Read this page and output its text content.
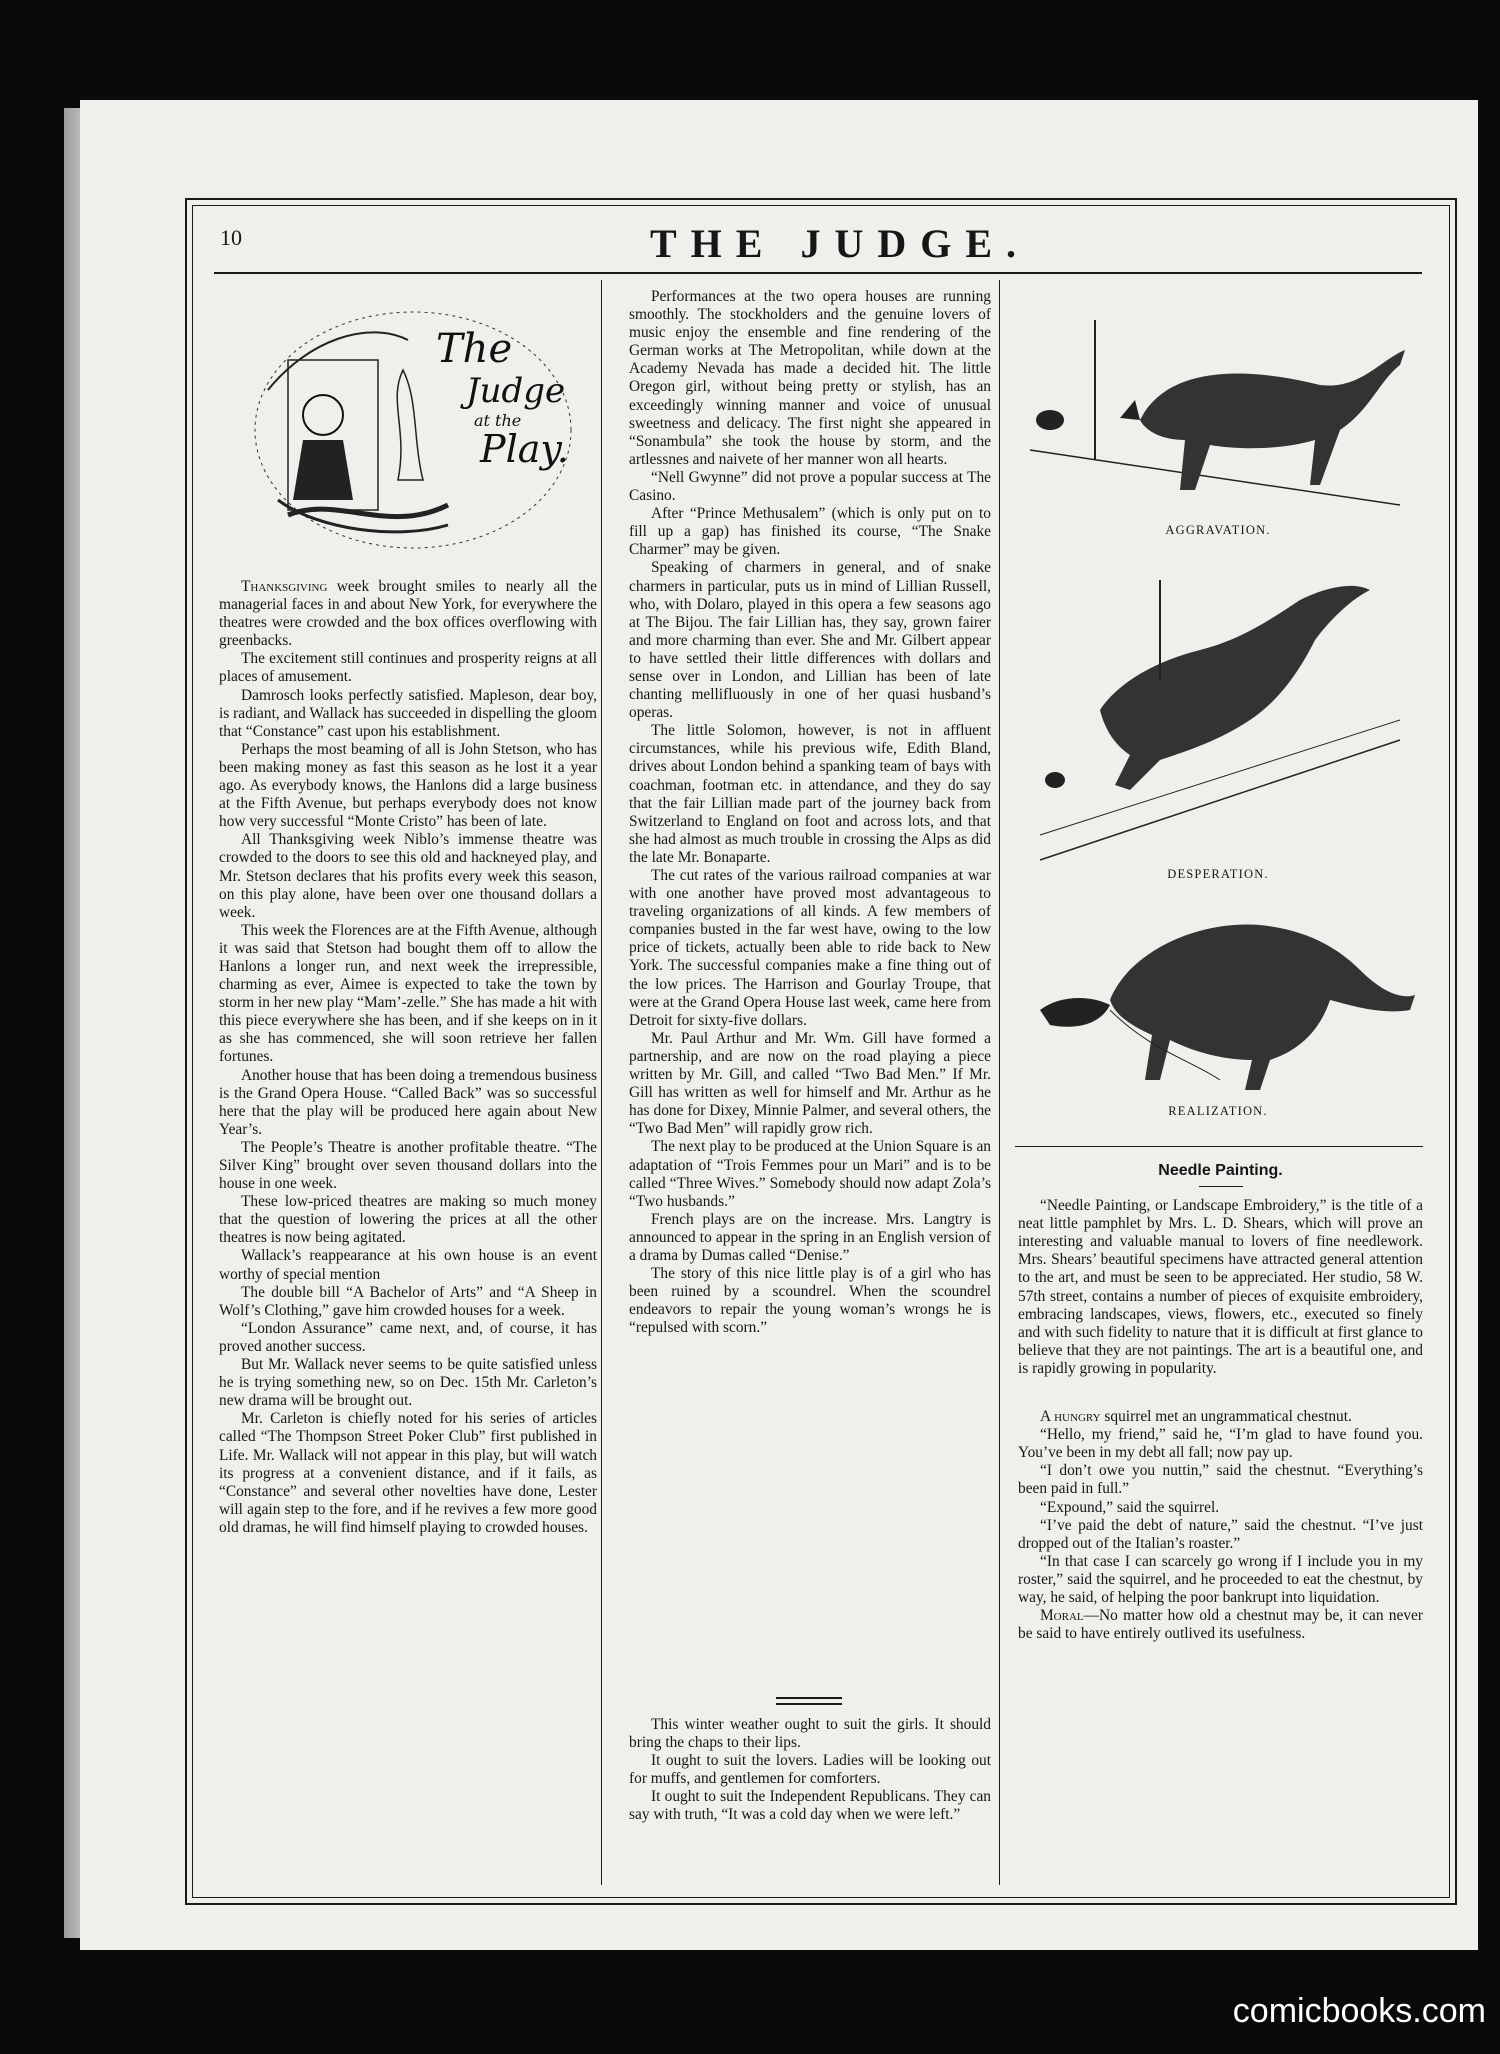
10	THE JUDGE.
The
Judge
at the
Play.

Thanksgiving week brought smiles to nearly all the managerial faces in and about New York, for everywhere the theatres were crowded and the box offices overflowing with greenbacks.

The excitement still continues and prosperity reigns at all places of amusement.

Damrosch looks perfectly satisfied. Mapleson, dear boy, is radiant, and Wallack has succeeded in dispelling the gloom that “Constance” cast upon his establishment.

Perhaps the most beaming of all is John Stetson, who has been making money as fast this season as he lost it a year ago. As everybody knows, the Hanlons did a large business at the Fifth Avenue, but perhaps everybody does not know how very successful “Monte Cristo” has been of late.

All Thanksgiving week Niblo’s immense theatre was crowded to the doors to see this old and hackneyed play, and Mr. Stetson declares that his profits every week this season, on this play alone, have been over one thousand dollars a week.

This week the Florences are at the Fifth Avenue, although it was said that Stetson had bought them off to allow the Hanlons a longer run, and next week the irrepressible, charming as ever, Aimee is expected to take the town by storm in her new play “Mam’-zelle.” She has made a hit with this piece everywhere she has been, and if she keeps on in it as she has commenced, she will soon retrieve her fallen fortunes.

Another house that has been doing a tremendous business is the Grand Opera House. “Called Back” was so successful here that the play will be produced here again about New Year’s.

The People’s Theatre is another profitable theatre. “The Silver King” brought over seven thousand dollars into the house in one week.

These low-priced theatres are making so much money that the question of lowering the prices at all the other theatres is now being agitated.

Wallack’s reappearance at his own house is an event worthy of special mention

The double bill “A Bachelor of Arts” and “A Sheep in Wolf’s Clothing,” gave him crowded houses for a week.

“London Assurance” came next, and, of course, it has proved another success.

But Mr. Wallack never seems to be quite satisfied unless he is trying something new, so on Dec. 15th Mr. Carleton’s new drama will be brought out.

Mr. Carleton is chiefly noted for his series of articles called “The Thompson Street Poker Club” first published in Life. Mr. Wallack will not appear in this play, but will watch its progress at a convenient distance, and if it fails, as “Constance” and several other novelties have done, Lester will again step to the fore, and if he revives a few more good old dramas, he will find himself playing to crowded houses.

Performances at the two opera houses are running smoothly. The stockholders and the genuine lovers of music enjoy the ensemble and fine rendering of the German works at The Metropolitan, while down at the Academy Nevada has made a decided hit. The little Oregon girl, without being pretty or stylish, has an exceedingly winning manner and voice of unusual sweetness and delicacy. The first night she appeared in “Sonambula” she took the house by storm, and the artlessnes and naivete of her manner won all hearts.

“Nell Gwynne” did not prove a popular success at The Casino.

After “Prince Methusalem” (which is only put on to fill up a gap) has finished its course, “The Snake Charmer” may be given.

Speaking of charmers in general, and of snake charmers in particular, puts us in mind of Lillian Russell, who, with Dolaro, played in this opera a few seasons ago at The Bijou. The fair Lillian has, they say, grown fairer and more charming than ever. She and Mr. Gilbert appear to have settled their little differences with dollars and sense over in London, and Lillian has been of late chanting mellifluously in one of her quasi husband’s operas.

The little Solomon, however, is not in affluent circumstances, while his previous wife, Edith Bland, drives about London behind a spanking team of bays with coachman, footman etc. in attendance, and they do say that the fair Lillian made part of the journey back from Switzerland to England on foot and across lots, and that she had almost as much trouble in crossing the Alps as did the late Mr. Bonaparte.

The cut rates of the various railroad companies at war with one another have proved most advantageous to traveling organizations of all kinds. A few members of companies busted in the far west have, owing to the low price of tickets, actually been able to ride back to New York. The successful companies make a fine thing out of the low prices. The Harrison and Gourlay Troupe, that were at the Grand Opera House last week, came here from Detroit for sixty-five dollars.

Mr. Paul Arthur and Mr. Wm. Gill have formed a partnership, and are now on the road playing a piece written by Mr. Gill, and called “Two Bad Men.” If Mr. Gill has written as well for himself and Mr. Arthur as he has done for Dixey, Minnie Palmer, and several others, the “Two Bad Men” will rapidly grow rich.

The next play to be produced at the Union Square is an adaptation of “Trois Femmes pour un Mari” and is to be called “Three Wives.” Somebody should now adapt Zola’s “Two husbands.”

French plays are on the increase. Mrs. Langtry is announced to appear in the spring in an English version of a drama by Dumas called “Denise.”

The story of this nice little play is of a girl who has been ruined by a scoundrel. When the scoundrel endeavors to repair the young woman’s wrongs he is “repulsed with scorn.”

This winter weather ought to suit the girls. It should bring the chaps to their lips.

It ought to suit the lovers. Ladies will be looking out for muffs, and gentlemen for comforters.

It ought to suit the Independent Republicans. They can say with truth, “It was a cold day when we were left.”

AGGRAVATION.
DESPERATION.
REALIZATION.
Needle Painting.

“Needle Painting, or Landscape Embroidery,” is the title of a neat little pamphlet by Mrs. L. D. Shears, which will prove an interesting and valuable manual to lovers of fine needlework. Mrs. Shears’ beautiful specimens have attracted general attention to the art, and must be seen to be appreciated. Her studio, 58 W. 57th street, contains a number of pieces of exquisite embroidery, embracing landscapes, views, flowers, etc., executed so finely and with such fidelity to nature that it is difficult at first glance to believe that they are not paintings. The art is a beautiful one, and is rapidly growing in popularity.

A hungry squirrel met an ungrammatical chestnut.

“Hello, my friend,” said he, “I’m glad to have found you. You’ve been in my debt all fall; now pay up.

“I don’t owe you nuttin,” said the chestnut. “Everything’s been paid in full.”

“Expound,” said the squirrel.

“I’ve paid the debt of nature,” said the chestnut. “I’ve just dropped out of the Italian’s roaster.”

“In that case I can scarcely go wrong if I include you in my roster,” said the squirrel, and he proceeded to eat the chestnut, by way, he said, of helping the poor bankrupt into liquidation.

Moral—No matter how old a chestnut may be, it can never be said to have entirely outlived its usefulness.

comicbooks.com
